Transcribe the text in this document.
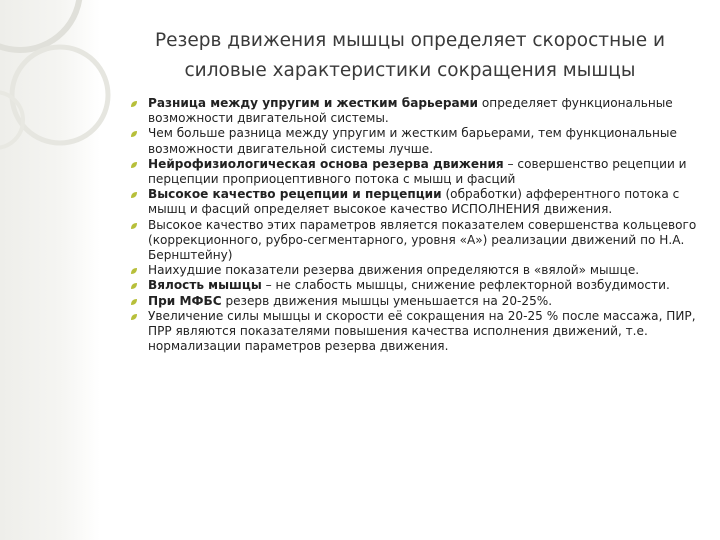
Резерв движения мышцы определяет скоростные и
силовые характеристики сокращения мышцы
Разница между упругим и жестким барьерами определяет функциональные возможности двигательной системы.
Чем больше разница между упругим и жестким барьерами, тем функциональные возможности двигательной системы лучше.
Нейрофизиологическая основа резерва движения – совершенство рецепции и перцепции проприоцептивного потока с мышц и фасций
Высокое качество рецепции и перцепции (обработки) афферентного потока с мышц и фасций определяет высокое качество ИСПОЛНЕНИЯ движения.
Высокое качество этих параметров является показателем совершенства кольцевого (коррекционного, рубро-сегментарного, уровня «А») реализации движений по Н.А. Бернштейну)
Наихудшие показатели резерва движения определяются в «вялой» мышце.
Вялость мышцы – не слабость мышцы, снижение рефлекторной возбудимости.
При МФБС резерв движения мышцы уменьшается на 20-25%.
Увеличение силы мышцы и скорости её сокращения на 20-25 % после массажа, ПИР, ПРР являются показателями повышения качества исполнения движений, т.е. нормализации параметров резерва движения.
